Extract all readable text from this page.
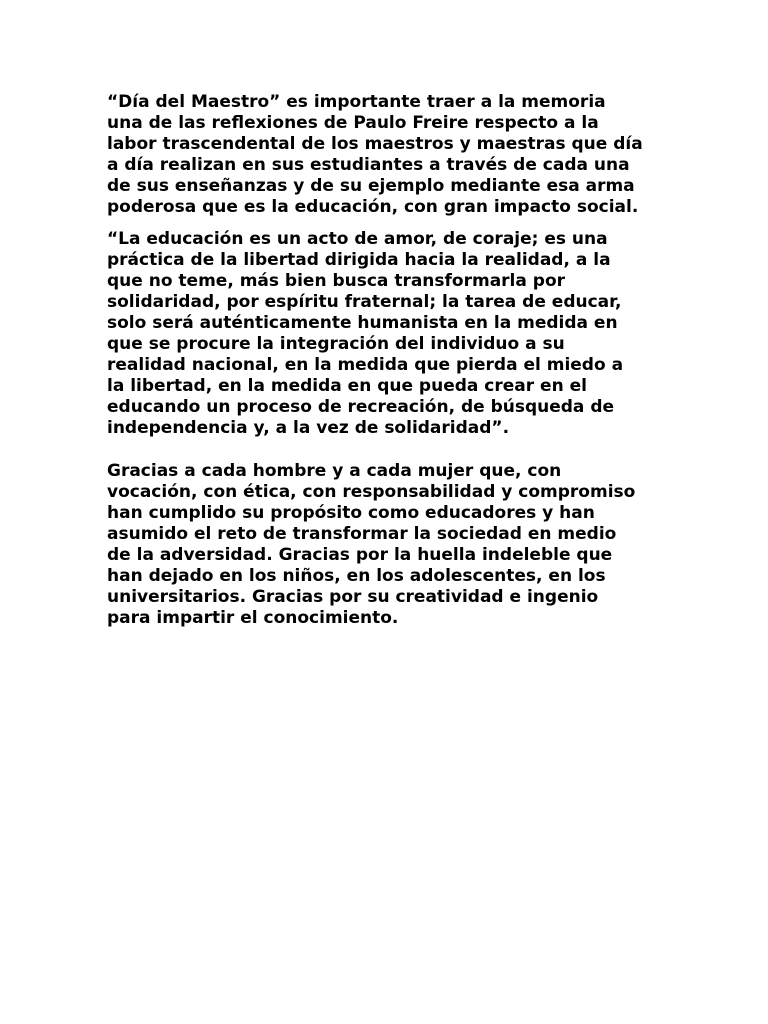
“Día del Maestro” es importante traer a la memoria
una de las reflexiones de Paulo Freire respecto a la
labor trascendental de los maestros y maestras que día
a día realizan en sus estudiantes a través de cada una
de sus enseñanzas y de su ejemplo mediante esa arma
poderosa que es la educación, con gran impacto social.

“La educación es un acto de amor, de coraje; es una
práctica de la libertad dirigida hacia la realidad, a la
que no teme, más bien busca transformarla por
solidaridad, por espíritu fraternal; la tarea de educar,
solo será auténticamente humanista en la medida en
que se procure la integración del individuo a su
realidad nacional, en la medida que pierda el miedo a
la libertad, en la medida en que pueda crear en el
educando un proceso de recreación, de búsqueda de
independencia y, a la vez de solidaridad”.

Gracias a cada hombre y a cada mujer que, con
vocación, con ética, con responsabilidad y compromiso
han cumplido su propósito como educadores y han
asumido el reto de transformar la sociedad en medio
de la adversidad. Gracias por la huella indeleble que
han dejado en los niños, en los adolescentes, en los
universitarios. Gracias por su creatividad e ingenio
para impartir el conocimiento.
